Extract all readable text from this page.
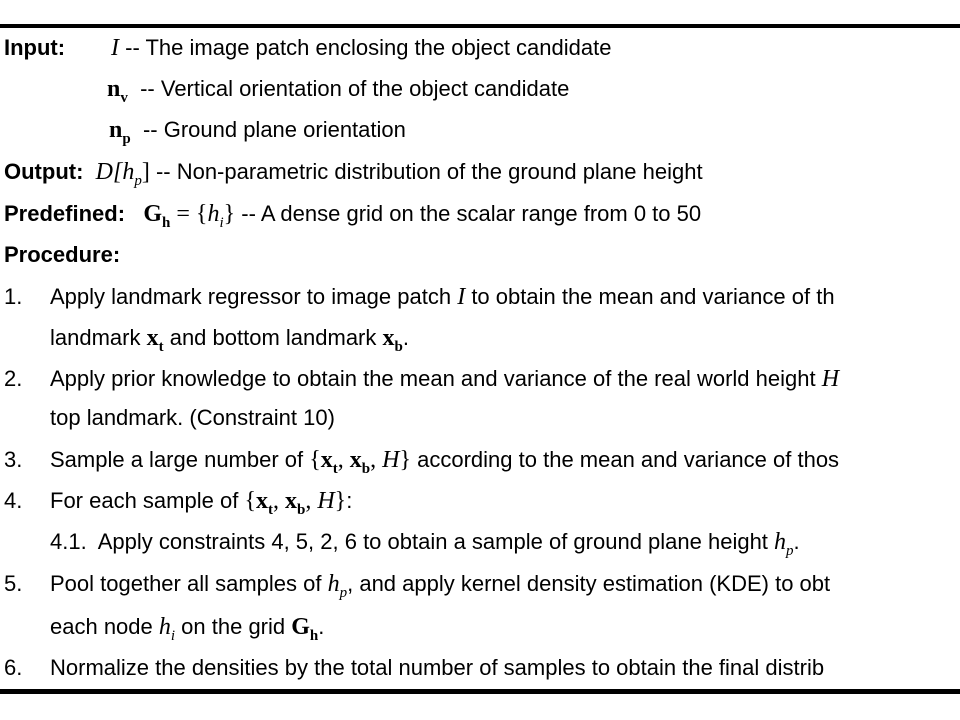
Input: I -- The image patch enclosing the object candidate
$n_v$ -- Vertical orientation of the object candidate
$n_p$ -- Ground plane orientation
Output: $D[h_p]$ -- Non-parametric distribution of the ground plane height
Predefined: $G_h = \{h_i\} -- A$ dense grid on the scalar range from 0 to 50
Procedure:
1. Apply landmark regressor to image patch I to obtain the mean and variance of th
landmark $x_t$ and bottom landmark $x_b$.
2. Apply prior knowledge to obtain the mean and variance of the real world height H
top landmark. (Constraint 10)
3. Sample a large number of {$x_t$, $x_b$, H} according to the mean and variance of thos
4. For each sample of {$x_t$, $x_b$, H}:
4.1.  Apply constraints 4, 5, 2, 6 to obtain a sample of ground plane height $h_p$.
5. Pool together all samples of $h_p$, and apply kernel density estimation (KDE) to obt
each node $h_i$ on the grid $G_h$.
6. Normalize the densities by the total number of samples to obtain the final distrib
